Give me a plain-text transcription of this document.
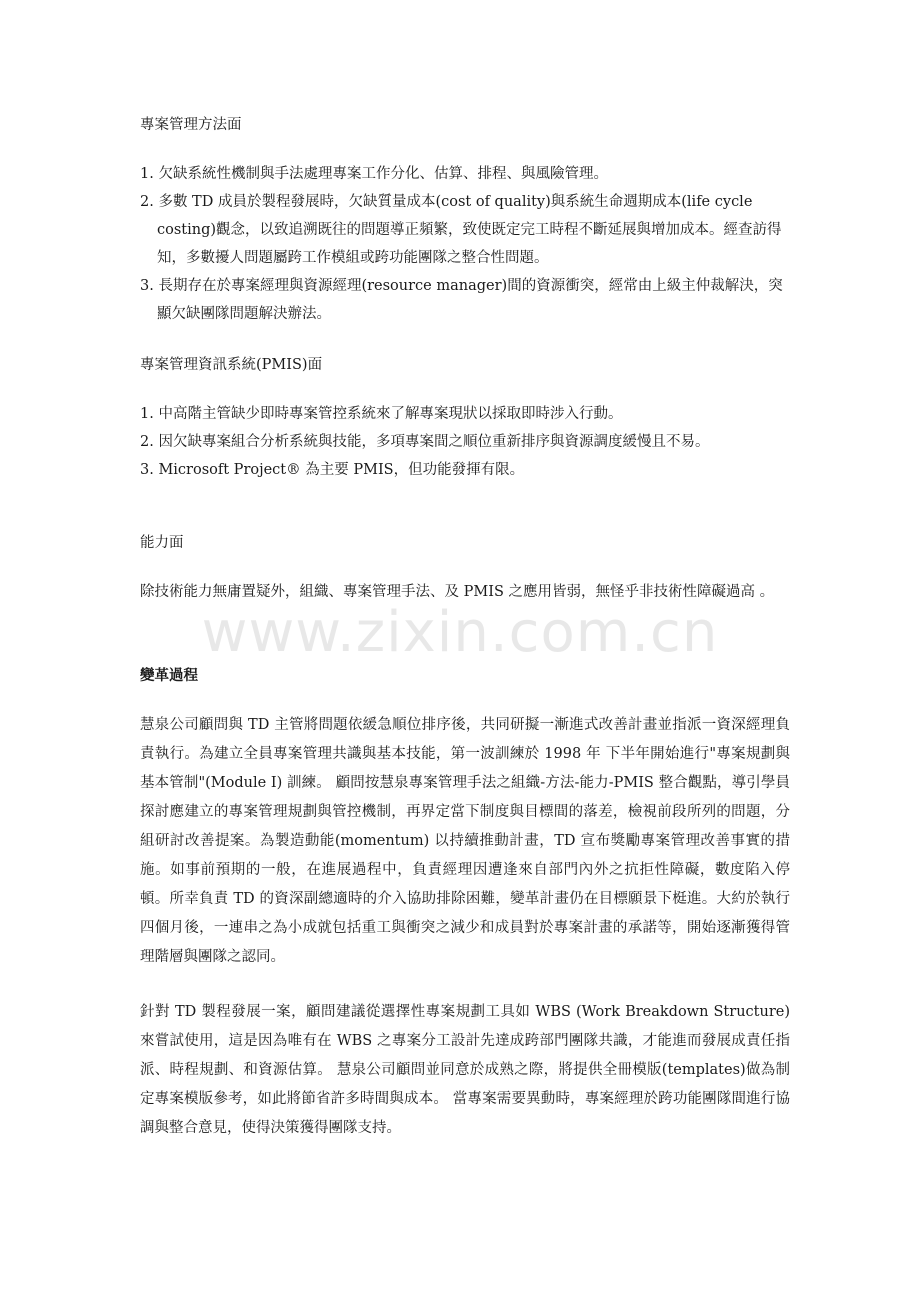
專案管理方法面
1. 欠缺系統性機制與手法處理專案工作分化、估算、排程、與風險管理。
2. 多數 TD 成員於製程發展時，欠缺質量成本(cost of quality)與系統生命週期成本(life cycle costing)觀念，以致追溯既往的問題導正頻繁，致使既定完工時程不斷延展與增加成本。經查訪得知，多數擾人問題屬跨工作模組或跨功能團隊之整合性問題。
3. 長期存在於專案經理與資源經理(resource manager)間的資源衝突，經常由上級主仲裁解決，突顯欠缺團隊問題解決辦法。
專案管理資訊系統(PMIS)面
1. 中高階主管缺少即時專案管控系統來了解專案現狀以採取即時涉入行動。
2. 因欠缺專案組合分析系統與技能，多項專案間之順位重新排序與資源調度緩慢且不易。
3. Microsoft Project® 為主要 PMIS，但功能發揮有限。
能力面

除技術能力無庸置疑外，組織、專案管理手法、及 PMIS 之應用皆弱，無怪乎非技術性障礙過高 。

變革過程

慧泉公司顧問與 TD 主管將問題依緩急順位排序後，共同研擬一漸進式改善計畫並指派一資深經理負責執行。為建立全員專案管理共識與基本技能，第一波訓練於 1998 年 下半年開始進行"專案規劃與基本管制"(Module I) 訓練。 顧問按慧泉專案管理手法之組織-方法-能力-PMIS 整合觀點，導引學員探討應建立的專案管理規劃與管控機制，再界定當下制度與目標間的落差，檢視前段所列的問題，分組研討改善提案。為製造動能(momentum) 以持續推動計畫，TD 宣布獎勵專案管理改善事實的措施。如事前預期的一般，在進展過程中，負責經理因遭逢來自部門內外之抗拒性障礙，數度陷入停頓。所幸負責 TD 的資深副總適時的介入協助排除困難，變革計畫仍在目標願景下梃進。大約於執行四個月後，一連串之為小成就包括重工與衝突之減少和成員對於專案計畫的承諾等，開始逐漸獲得管理階層與團隊之認同。

針對 TD 製程發展一案，顧問建議從選擇性專案規劃工具如 WBS (Work Breakdown Structure)來嘗試使用，這是因為唯有在 WBS 之專案分工設計先達成跨部門團隊共識，才能進而發展成責任指派、時程規劃、和資源估算。 慧泉公司顧問並同意於成熟之際，將提供全冊模版(templates)做為制定專案模版參考，如此將節省許多時間與成本。 當專案需要異動時，專案經理於跨功能團隊間進行協調與整合意見，使得決策獲得團隊支持。

www.zixin.com.cn
